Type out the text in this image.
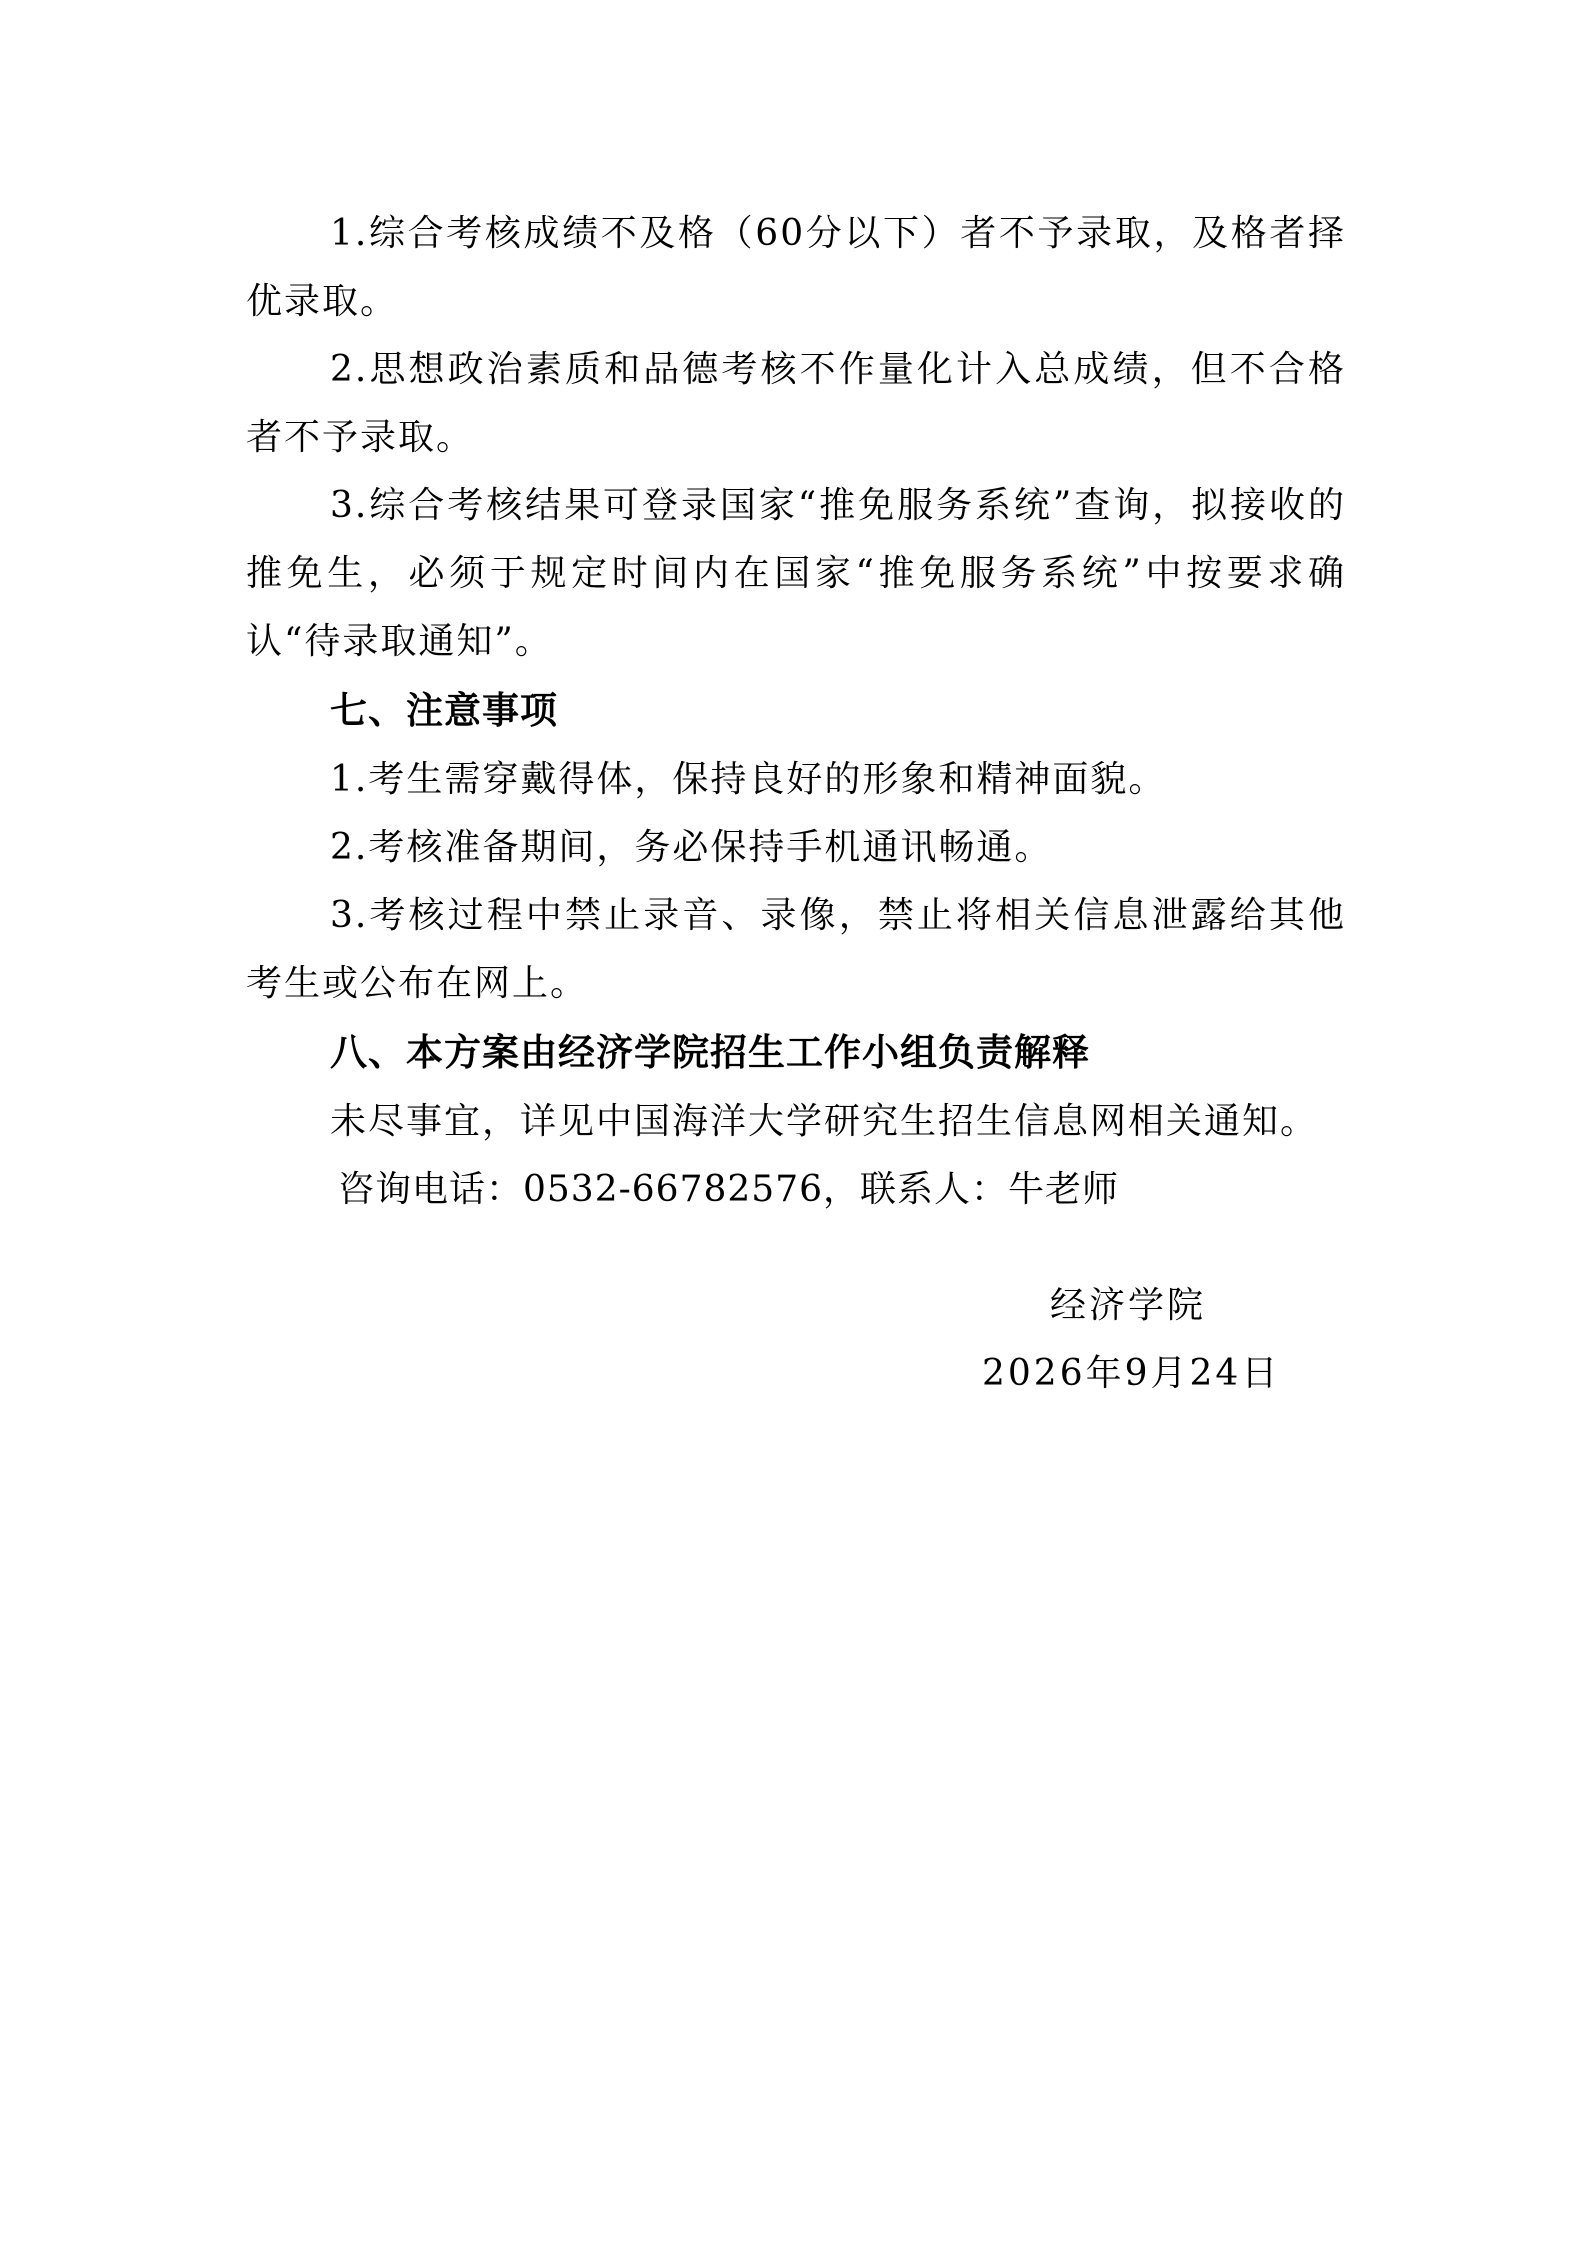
1.综合考核成绩不及格（60分以下）者不予录取，及格者择优录取。

2.思想政治素质和品德考核不作量化计入总成绩，但不合格者不予录取。

3.综合考核结果可登录国家“推免服务系统”查询，拟接收的推免生，必须于规定时间内在国家“推免服务系统”中按要求确认“待录取通知”。

七、注意事项

1.考生需穿戴得体，保持良好的形象和精神面貌。

2.考核准备期间，务必保持手机通讯畅通。

3.考核过程中禁止录音、录像，禁止将相关信息泄露给其他考生或公布在网上。

八、本方案由经济学院招生工作小组负责解释

未尽事宜，详见中国海洋大学研究生招生信息网相关通知。

咨询电话：0532-66782576，联系人：牛老师

经济学院
2026年9月24日
